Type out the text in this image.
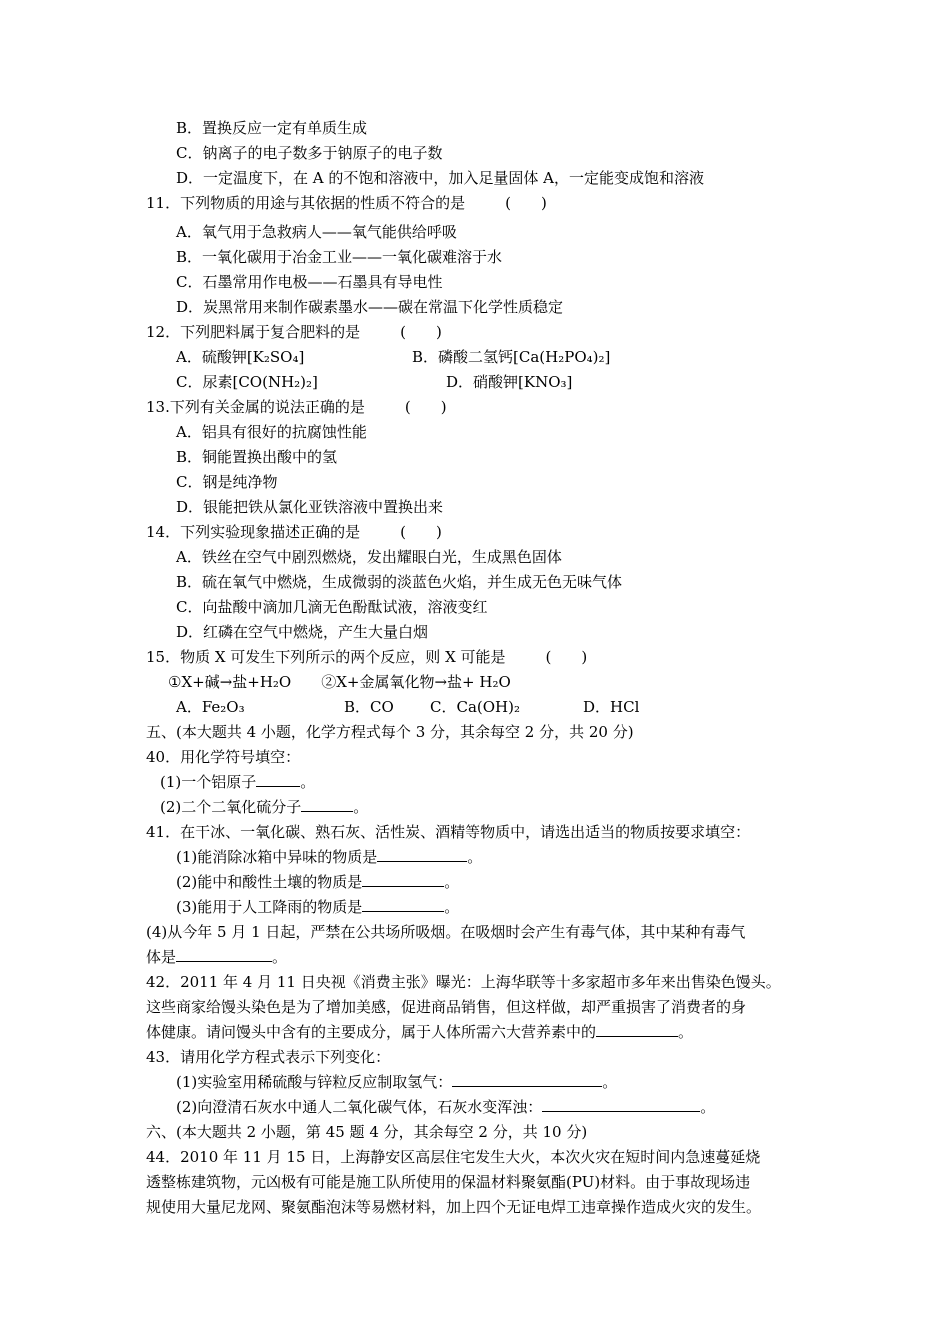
B．置换反应一定有单质生成
C．钠离子的电子数多于钠原子的电子数
D．一定温度下，在 A 的不饱和溶液中，加入足量固体 A，一定能变成饱和溶液
11．下列物质的用途与其依据的性质不符合的是	(　　)
A．氧气用于急救病人——氧气能供给呼吸
B．一氧化碳用于冶金工业——一氧化碳难溶于水
C．石墨常用作电极——石墨具有导电性
D．炭黑常用来制作碳素墨水——碳在常温下化学性质稳定
12．下列肥料属于复合肥料的是	(　　)
A．硫酸钾[K₂SO₄]	B．磷酸二氢钙[Ca(H₂PO₄)₂]
C．尿素[CO(NH₂)₂]	D．硝酸钾[KNO₃]
13.下列有关金属的说法正确的是	(　　)
A．铝具有很好的抗腐蚀性能
B．铜能置换出酸中的氢
C．钢是纯净物
D．银能把铁从氯化亚铁溶液中置换出来
14．下列实验现象描述正确的是	(　　)
A．铁丝在空气中剧烈燃烧，发出耀眼白光，生成黑色固体
B．硫在氧气中燃烧，生成微弱的淡蓝色火焰，并生成无色无味气体
C．向盐酸中滴加几滴无色酚酞试液，溶液变红
D．红磷在空气中燃烧，产生大量白烟
15．物质 X 可发生下列所示的两个反应，则 X 可能是	(　　)
①X+碱→盐+H₂O　　②X+金属氧化物→盐+ H₂O
A．Fe₂O₃	B．CO C．Ca(OH)₂	D．HCl
五、(本大题共 4 小题，化学方程式每个 3 分，其余每空 2 分，共 20 分)
40．用化学符号填空：
(1)一个铝原子	。
(2)二个二氧化硫分子	。
41．在干冰、一氧化碳、熟石灰、活性炭、酒精等物质中，请选出适当的物质按要求填空：
(1)能消除冰箱中异味的物质是	。
(2)能中和酸性土壤的物质是	。
(3)能用于人工降雨的物质是	。
(4)从今年 5 月 1 日起，严禁在公共场所吸烟。在吸烟时会产生有毒气体，其中某种有毒气
体是	。
42．2011 年 4 月 11 日央视《消费主张》曝光：上海华联等十多家超市多年来出售染色馒头。
这些商家给馒头染色是为了增加美感，促进商品销售，但这样做，却严重损害了消费者的身
体健康。请问馒头中含有的主要成分，属于人体所需六大营养素中的	。
43．请用化学方程式表示下列变化：
(1)实验室用稀硫酸与锌粒反应制取氢气：	。
(2)向澄清石灰水中通人二氧化碳气体，石灰水变浑浊：	。
六、(本大题共 2 小题，第 45 题 4 分，其余每空 2 分，共 10 分)
44．2010 年 11 月 15 日，上海静安区高层住宅发生大火，本次火灾在短时间内急速蔓延烧
透整栋建筑物，元凶极有可能是施工队所使用的保温材料聚氨酯(PU)材料。由于事故现场违
规使用大量尼龙网、聚氨酯泡沫等易燃材料，加上四个无证电焊工违章操作造成火灾的发生。
